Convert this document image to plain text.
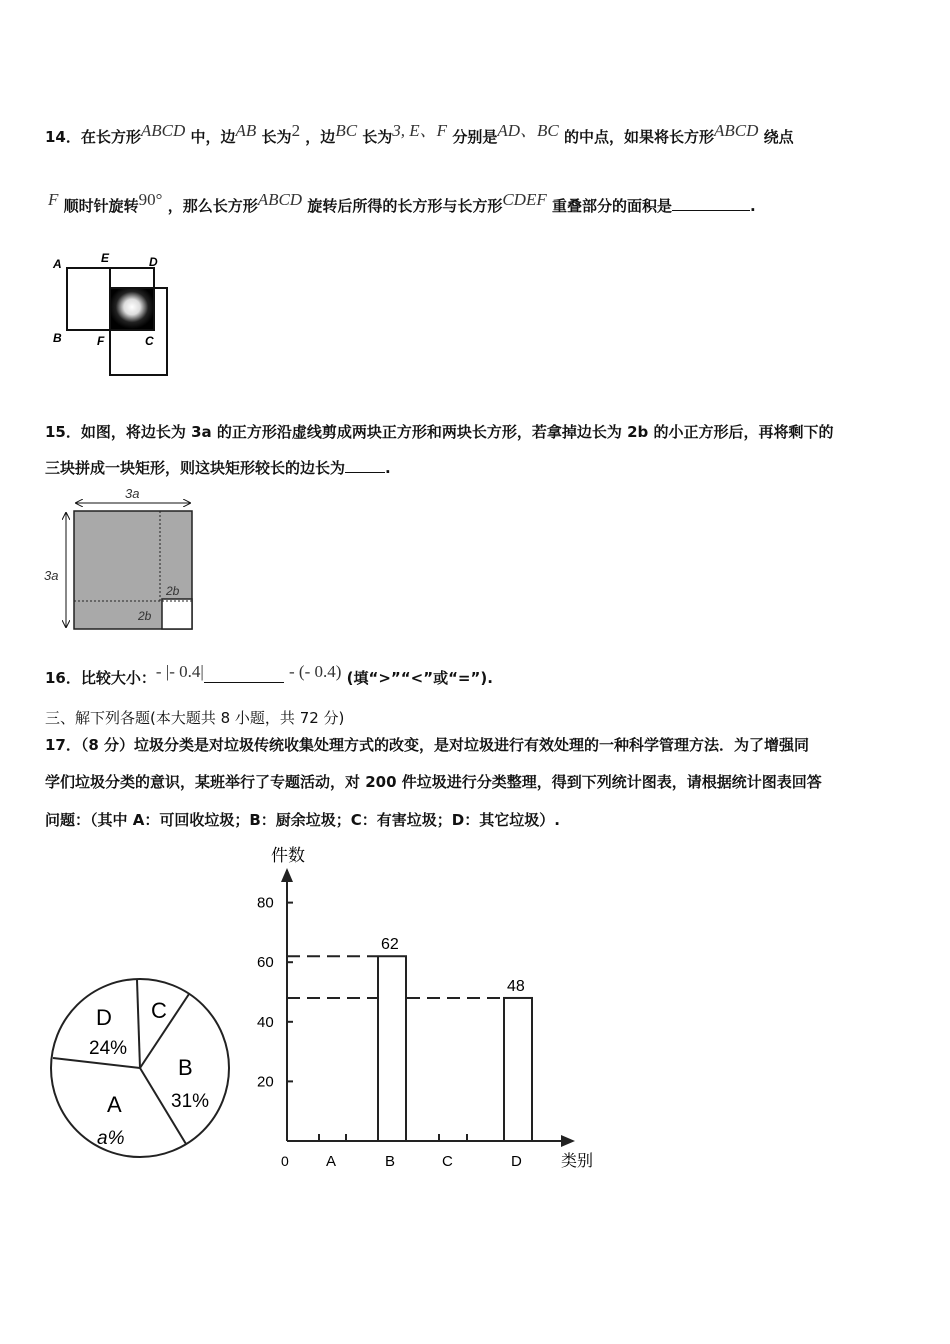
14．在长方形$^{ABCD}$ 中，边$^{AB}$ 长为$^2$ ，边$^{BC}$ 长为$^{3, E、F}$ 分别是$^{AD、BC}$ 的中点，如果将长方形$^{ABCD}$ 绕点
$^F$ 顺时针旋转$^{90^\circ}$ ，那么长方形$^{ABCD}$ 旋转后所得的长方形与长方形$^{CDEF}$ 重叠部分的面积是	.
A	E	D
B	F	C
15．如图，将边长为 3a 的正方形沿虚线剪成两块正方形和两块长方形，若拿掉边长为 2b 的小正方形后，再将剩下的
三块拼成一块矩形，则这块矩形较长的边长为	.
3a
3a
2b
2b
16．比较大小：$^{- |- 0.4|}$	$^{- (- 0.4)}$ (填“>”“<”或“=”).
三、解下列各题(本大题共 8 小题，共 72 分)
17．（8 分）垃圾分类是对垃圾传统收集处理方式的改变，是对垃圾进行有效处理的一种科学管理方法．为了增强同
学们垃圾分类的意识，某班举行了专题活动，对 200 件垃圾进行分类整理，得到下列统计图表，请根据统计图表回答
问题：（其中 A：可回收垃圾；B：厨余垃圾；C：有害垃圾；D：其它垃圾）.
D
24%
C
B
31%
A
a%
62
48
20
40
60
80
A	B	C	D
件数
类别
0
